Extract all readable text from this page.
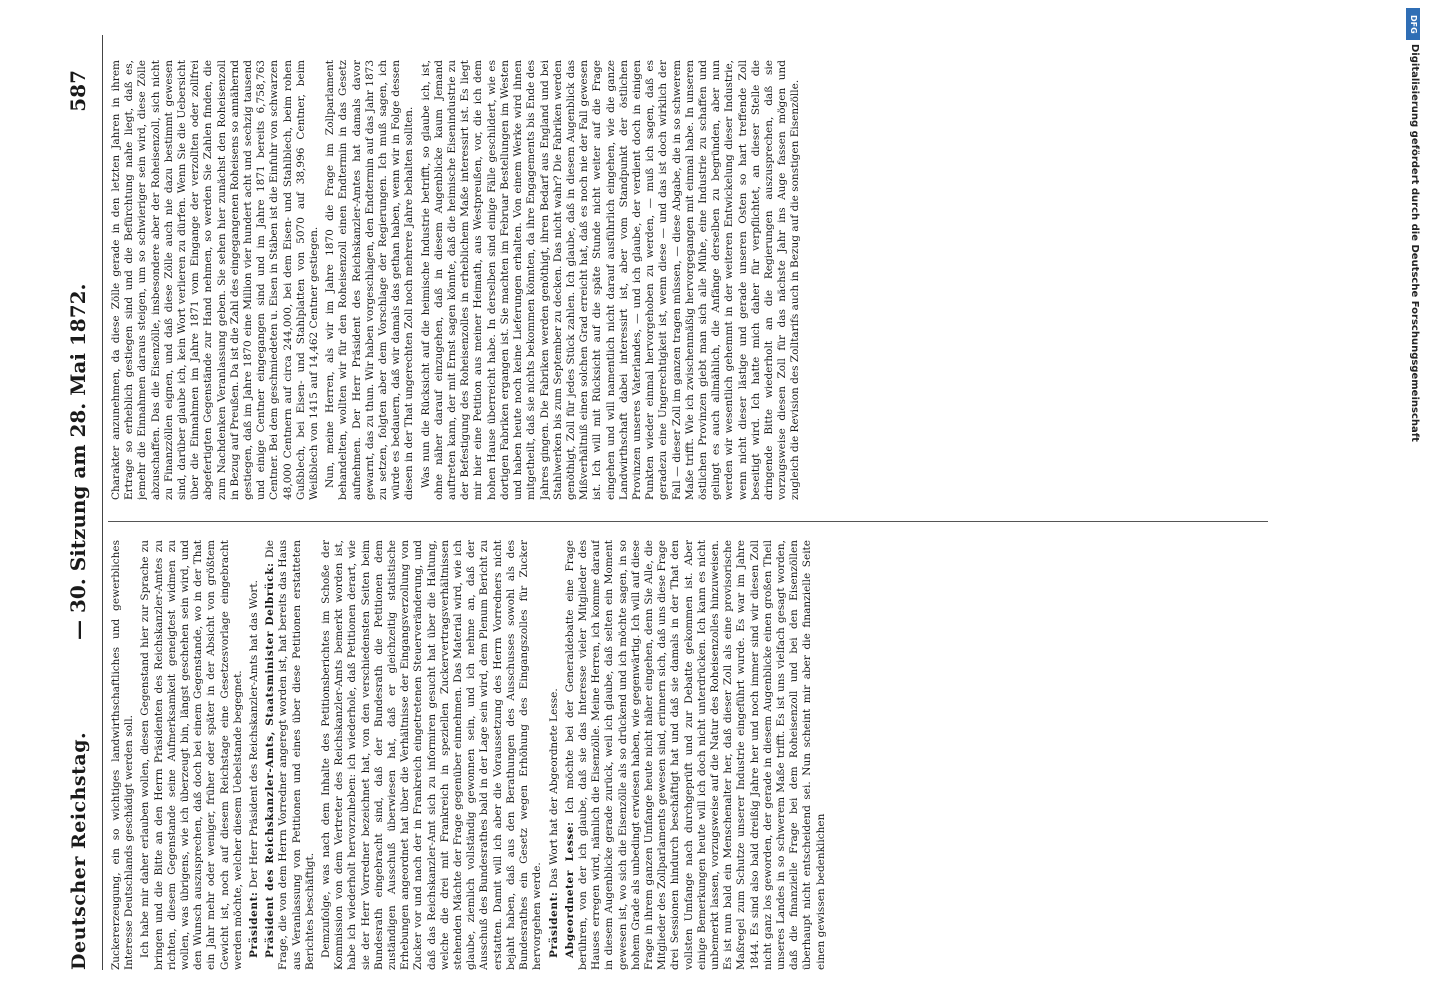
Deutscher Reichstag.
— 30. Sitzung am 28. Mai 1872.
587

Zuckererzeugung, ein so wichtiges landwirthschaftliches und gewerbliches Interesse Deutschlands geschädigt werden soll. Ich habe mir daher erlauben wollen, diesen Gegenstand hier zur Sprache zu bringen und die Bitte an den Herrn Präsidenten des Reichskanzler-Amtes zu richten, diesem Gegenstande seine Aufmerksamkeit geneigtest widmen zu wollen, was übrigens, wie ich überzeugt bin, längst geschehen sein wird, und den Wunsch auszusprechen, daß doch bei einem Gegenstande, wo in der That ein Jahr mehr oder weniger, früher oder später in der Absicht von größtem Gewicht ist, noch auf diesem Reichstage eine Gesetzesvorlage eingebracht werden möchte, welcher diesem Uebelstande begegnet. Präsident: Der Herr Präsident des Reichskanzler-Amts hat das Wort. Präsident des Reichskanzler-Amts, Staatsminister Delbrück: Die Frage, die von dem Herrn Vorredner angeregt worden ist, hat bereits das Haus aus Veranlassung von Petitionen und eines über diese Petitionen erstatteten Berichtes beschäftigt. Demzufolge, was nach dem Inhalte des Petitionsberichtes im Schoße der Kommission von dem Vertreter des Reichskanzler-Amts bemerkt worden ist, habe ich wiederholt hervorzuheben: ich wiederhole, daß Petitionen derart, wie sie der Herr Vorredner bezeichnet hat, von den verschiedensten Seiten beim Bundesrath eingebracht sind, daß der Bundesrath die Petitionen dem zuständigen Ausschuß überwiesen hat, daß er gleichzeitig statistische Erhebungen angeordnet hat über die Verhältnisse der Eingangsverzollung von Zucker vor und nach der in Frankreich eingetretenen Steuerveränderung, und daß das Reichskanzler-Amt sich zu informiren gesucht hat über die Haltung, welche die drei mit Frankreich in speziellen Zuckervertragsverhältnissen stehenden Mächte der Frage gegenüber einnehmen. Das Material wird, wie ich glaube, ziemlich vollständig gewonnen sein, und ich nehme an, daß der Ausschuß des Bundesrathes bald in der Lage sein wird, dem Plenum Bericht zu erstatten. Damit will ich aber die Voraussetzung des Herrn Vorredners nicht bejaht haben, daß aus den Berathungen des Ausschusses sowohl als des Bundesrathes ein Gesetz wegen Erhöhung des Eingangszolles für Zucker hervorgehen werde. Präsident: Das Wort hat der Abgeordnete Lesse.

Abgeordneter Lesse: Ich möchte bei der Generaldebatte eine Frage berühren, von der ich glaube, daß sie das Interesse vieler Mitglieder des Hauses erregen wird, nämlich die Eisenzölle. Meine Herren, ich komme darauf in diesem Augenblicke gerade zurück, weil ich glaube, daß selten ein Moment gewesen ist, wo sich die Eisenzölle als so drückend und ich möchte sagen, in so hohem Grade als unbedingt erwiesen haben, wie gegenwärtig. Ich will auf diese Frage in ihrem ganzen Umfange heute nicht näher eingehen, denn Sie Alle, die Mitglieder des Zollparlaments gewesen sind, erinnern sich, daß uns diese Frage drei Sessionen hindurch beschäftigt hat und daß sie damals in der That den vollsten Umfange nach durchgeprüft und zur Debatte gekommen ist. Aber einige Bemerkungen heute will ich doch nicht unterdrücken. Ich kann es nicht unbemerkt lassen, vorzugsweise auf die Natur des Roheisenzolles hinzuweisen. Es ist nun bald ein Menschenalter her, daß dieser Zoll als eine provisorische Maßregel zum Schutze unserer Industrie eingeführt wurde. Es war im Jahre 1844. Es sind also bald dreißig Jahre her und noch immer sind wir diesen Zoll nicht ganz los geworden, der gerade in diesem Augenblicke einen großen Theil unseres Landes in so schwerem Maße trifft. Es ist uns vielfach gesagt worden, daß die finanzielle Frage bei dem Roheisenzoll und bei den Eisenzöllen überhaupt nicht entscheidend sei. Nun scheint mir aber die finanzielle Seite einen gewissen bedenklichen

Charakter anzunehmen, da diese Zölle gerade in den letzten Jahren in ihrem Ertrage so erheblich gestiegen sind und die Befürchtung nahe liegt, daß es, jemehr die Einnahmen daraus steigen, um so schwieriger sein wird, diese Zölle abzuschaffen. Das die Eisenzölle, insbesondere aber der Roheisenzoll, sich nicht zu Finanzzöllen eignen, und daß diese Zölle auch nie dazu bestimmt gewesen sind, darüber glaube ich, kein Wort verlieren zu dürfen. Wenn Sie die Uebersicht über die Einnahmen im Jahre 1871 vom Eingange der verzollten oder zollfrei abgefertigten Gegenstände zur Hand nehmen, so werden Sie Zahlen finden, die zum Nachdenken Veranlassung geben. Sie sehen hier zunächst den Roheisenzoll in Bezug auf Preußen. Da ist die Zahl des eingegangenen Roheisens so annähernd gestiegen, daß im Jahre 1870 eine Million vier hundert acht und sechzig tausend und einige Centner eingegangen sind und im Jahre 1871 bereits 6,758,763 Centner. Bei dem geschmiedeten u. Eisen in Stäben ist die Einfuhr von schwarzen 48,000 Centnern auf circa 244,000, bei dem Eisen- und Stahlblech, beim rohen Gußblech, bei Eisen- und Stahlplatten von 5070 auf 38,996 Centner, beim Weißblech von 1415 auf 14,462 Centner gestiegen. Nun, meine Herren, als wir im Jahre 1870 die Frage im Zollparlament behandelten, wollten wir für den Roheisenzoll einen Endtermin in das Gesetz aufnehmen. Der Herr Präsident des Reichskanzler-Amtes hat damals davor gewarnt, das zu thun. Wir haben vorgeschlagen, den Endtermin auf das Jahr 1873 zu setzen, folgten aber dem Vorschlage der Regierungen. Ich muß sagen, ich würde es bedauern, daß wir damals das gethan haben, wenn wir in Folge dessen diesen in der That ungerechten Zoll noch mehrere Jahre behalten sollten. Was nun die Rücksicht auf die heimische Industrie betrifft, so glaube ich, ist, ohne näher darauf einzugehen, daß in diesem Augenblicke kaum Jemand auftreten kann, der mit Ernst sagen könnte, daß die heimische Eisenindustrie zu der Befestigung des Roheisenzolles in erheblichem Maße interessirt ist. Es liegt mir hier eine Petition aus meiner Heimath, aus Westpreußen, vor, die ich dem hohen Hause überreicht habe. In derselben sind einige Fälle geschildert, wie es dortigen Fabriken ergangen ist. Sie machten im Februar Bestellungen im Westen und haben heute noch keine Lieferungen erhalten. Von einem Werke wird ihnen mitgetheilt, daß sie nichts bekommen könnten, da ihre Engagements bis Ende des Jahres gingen. Die Fabriken werden genöthigt, ihren Bedarf aus England und bei Stahlwerken bis zum September zu decken. Das nicht wahr? Die Fabriken werden genöthigt, Zoll für jedes Stück zahlen. Ich glaube, daß in diesem Augenblick das Mißverhältniß einen solchen Grad erreicht hat, daß es noch nie der Fall gewesen ist. Ich will mit Rücksicht auf die späte Stunde nicht weiter auf die Frage eingehen und will namentlich nicht darauf ausführlich eingehen, wie die ganze Landwirthschaft dabei interessirt ist, aber vom Standpunkt der östlichen Provinzen unseres Vaterlandes, — und ich glaube, der verdient doch in einigen Punkten wieder einmal hervorgehoben zu werden, — muß ich sagen, daß es geradezu eine Ungerechtigkeit ist, wenn diese — und das ist doch wirklich der Fall — dieser Zoll im ganzen tragen müssen, — diese Abgabe, die in so schwerem Maße trifft. Wie ich zwischenmäßig hervorgegangen mit einmal habe. In unseren östlichen Provinzen giebt man sich alle Mühe, eine Industrie zu schaffen und gelingt es auch allmählich, die Anfänge derselben zu begründen, aber nun werden wir wesentlich gehemmt in der weiteren Entwickelung dieser Industrie, wenn nicht dieser lästige und gerade unseren Osten so hart treffende Zoll beseitigt wird. Ich hatte mich daher für verpflichtet, an dieser Stelle die dringende Bitte wiederholt an die Regierungen auszusprechen, daß sie vorzugsweise diesen Zoll für das nächste Jahr ins Auge fassen mögen und zugleich die Revision des Zolltarifs auch in Bezug auf die sonstigen Eisenzölle.

DFG
Digitalisierung gefördert durch die Deutsche Forschungsgemeinschaft
